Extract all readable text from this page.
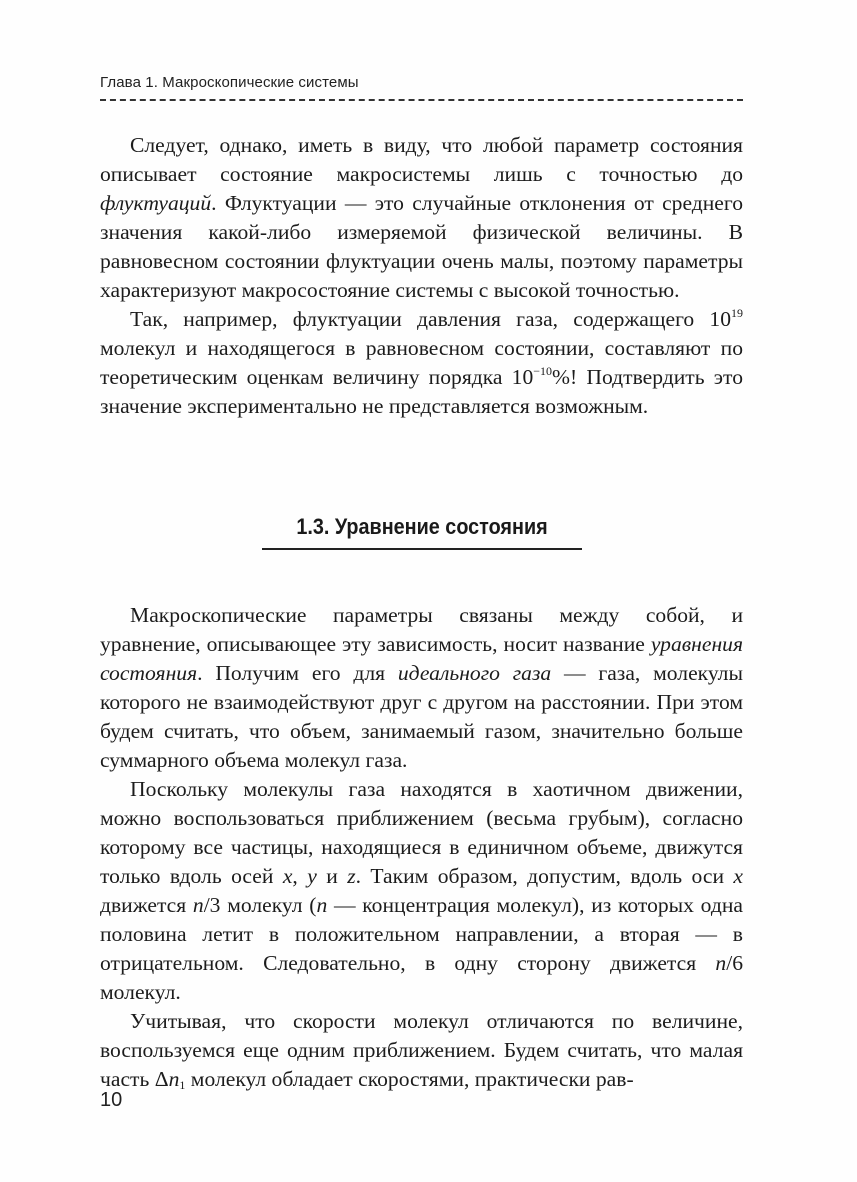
Глава 1. Макроскопические системы

Следует, однако, иметь в виду, что любой параметр состояния описывает состояние макросистемы лишь с точностью до флуктуаций. Флуктуации — это случайные отклонения от среднего значения какой-либо измеряемой физической величины. В равновесном состоянии флуктуации очень малы, поэтому параметры характеризуют макросостояние системы с высокой точностью.

Так, например, флуктуации давления газа, содержащего $10^{19}$ молекул и находящегося в равновесном состоянии, составляют по теоретическим оценкам величину порядка $10^{-10}\%$! Подтвердить это значение экспериментально не представляется возможным.

1.3. Уравнение состояния

Макроскопические параметры связаны между собой, и уравнение, описывающее эту зависимость, носит название уравнения состояния. Получим его для идеального газа — газа, молекулы которого не взаимодействуют друг с другом на расстоянии. При этом будем считать, что объем, занимаемый газом, значительно больше суммарного объема молекул газа.

Поскольку молекулы газа находятся в хаотичном движении, можно воспользоваться приближением (весьма грубым), согласно которому все частицы, находящиеся в единичном объеме, движутся только вдоль осей x, y и z. Таким образом, допустим, вдоль оси x движется n/3 молекул (n — концентрация молекул), из которых одна половина летит в положительном направлении, а вторая — в отрицательном. Следовательно, в одну сторону движется n/6 молекул.

Учитывая, что скорости молекул отличаются по величине, воспользуемся еще одним приближением. Будем считать, что малая часть $\Delta n_1$ молекул обладает скоростями, практически рав-

10
